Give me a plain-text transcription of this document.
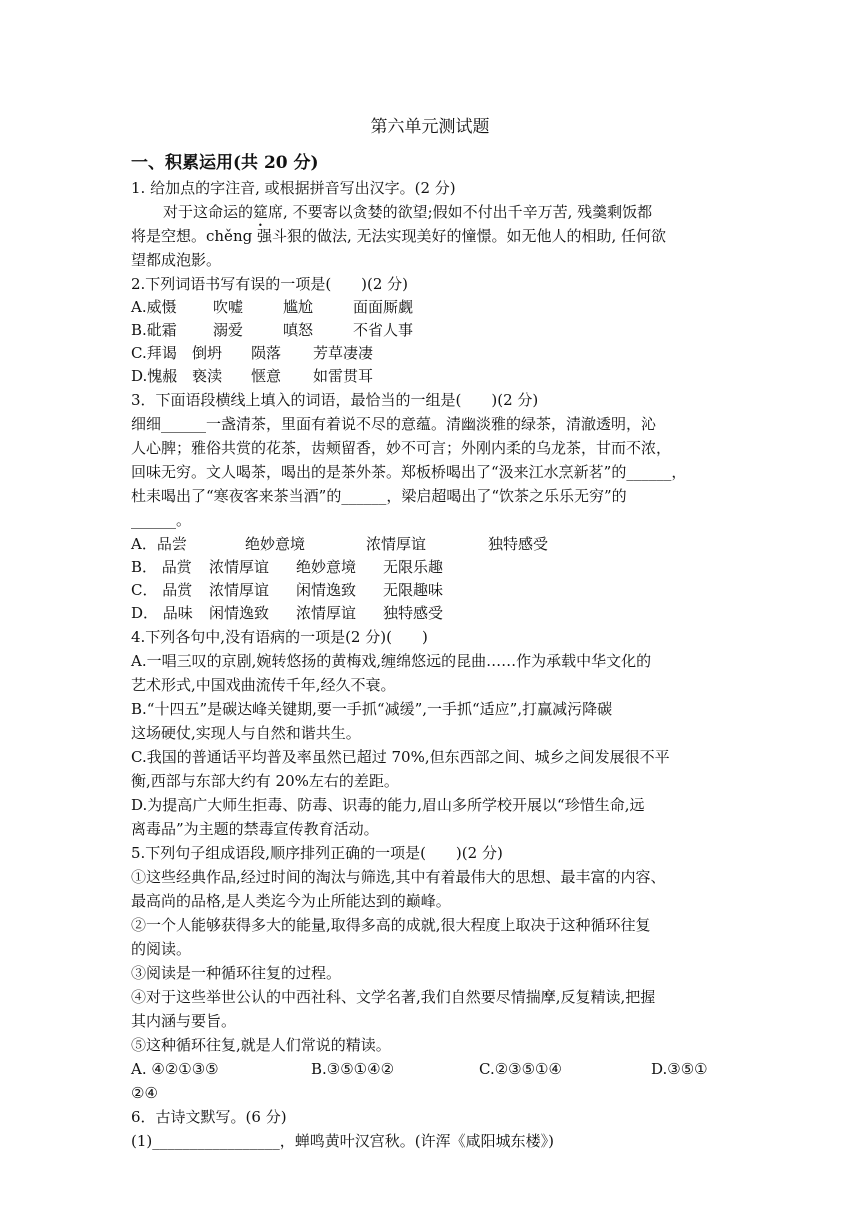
第六单元测试题
一、积累运用(共 20 分)
1. 给加点的字注音, 或根据拼音写出汉字。(2 分)
对于这命运的筵席, 不要寄以贪婪的欲望;假如不付出千辛万苦, 残羹剩饭都
将是空想。chěng 强斗狠的做法, 无法实现美好的憧憬。如无他人的相助, 任何欲
望都成泡影。
2.下列词语书写有误的一项是(　　)(2 分)
A.威慑 吹嘘	尴尬	面面厮觑
B.砒霜 溺爱	嗔怒	不省人事
C.拜谒 倒坍 陨落 芳草凄凄
D.愧赧 亵渎 惬意 如雷贯耳
3．下面语段横线上填入的词语，最恰当的一组是(　　)(2 分)
细细______一盏清茶，里面有着说不尽的意蕴。清幽淡雅的绿茶，清澈透明，沁
人心脾；雅俗共赏的花茶，齿颊留香，妙不可言；外刚内柔的乌龙茶，甘而不浓，
回味无穷。文人喝茶，喝出的是茶外茶。郑板桥喝出了“汲来江水烹新茗”的______，
杜耒喝出了“寒夜客来茶当酒”的______，梁启超喝出了“饮茶之乐乐无穷”的
______。
A．品尝	绝妙意境	浓情厚谊	独特感受
B． 品赏 浓情厚谊 绝妙意境 无限乐趣
C． 品赏 浓情厚谊 闲情逸致 无限趣味
D． 品味 闲情逸致 浓情厚谊 独特感受
4.下列各句中,没有语病的一项是(2 分)(　　)
A.一唱三叹的京剧,婉转悠扬的黄梅戏,缠绵悠远的昆曲……作为承载中华文化的
艺术形式,中国戏曲流传千年,经久不衰。
B.“十四五”是碳达峰关键期,要一手抓“减缓”,一手抓“适应”,打赢减污降碳
这场硬仗,实现人与自然和谐共生。
C.我国的普通话平均普及率虽然已超过 70%,但东西部之间、城乡之间发展很不平
衡,西部与东部大约有 20%左右的差距。
D.为提高广大师生拒毒、防毒、识毒的能力,眉山多所学校开展以“珍惜生命,远
离毒品”为主题的禁毒宣传教育活动。
5.下列句子组成语段,顺序排列正确的一项是(　　)(2 分)
①这些经典作品,经过时间的淘汰与筛选,其中有着最伟大的思想、最丰富的内容、
最高尚的品格,是人类迄今为止所能达到的巅峰。
②一个人能够获得多大的能量,取得多高的成就,很大程度上取决于这种循环往复
的阅读。
③阅读是一种循环往复的过程。
④对于这些举世公认的中西社科、文学名著,我们自然要尽情揣摩,反复精读,把握
其内涵与要旨。
⑤这种循环往复,就是人们常说的精读。
A. ④②①③⑤	B.③⑤①④②	C.②③⑤①④	D.③⑤①
②④
6．古诗文默写。(6 分)
(1)_________________，蝉鸣黄叶汉宫秋。(许浑《咸阳城东楼》)
